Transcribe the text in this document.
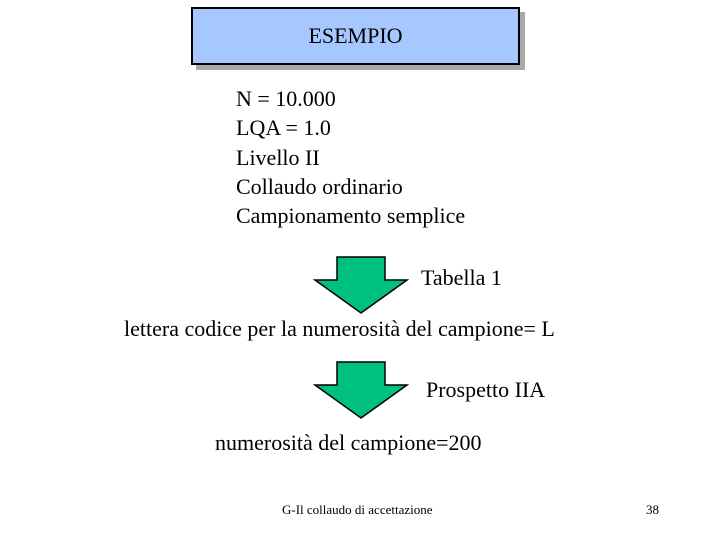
ESEMPIO
N = 10.000
LQA = 1.0
Livello II
Collaudo ordinario
Campionamento semplice
Tabella 1
lettera codice per la numerosità del campione= L
Prospetto IIA
numerosità del campione=200
G-Il collaudo di accettazione	38
